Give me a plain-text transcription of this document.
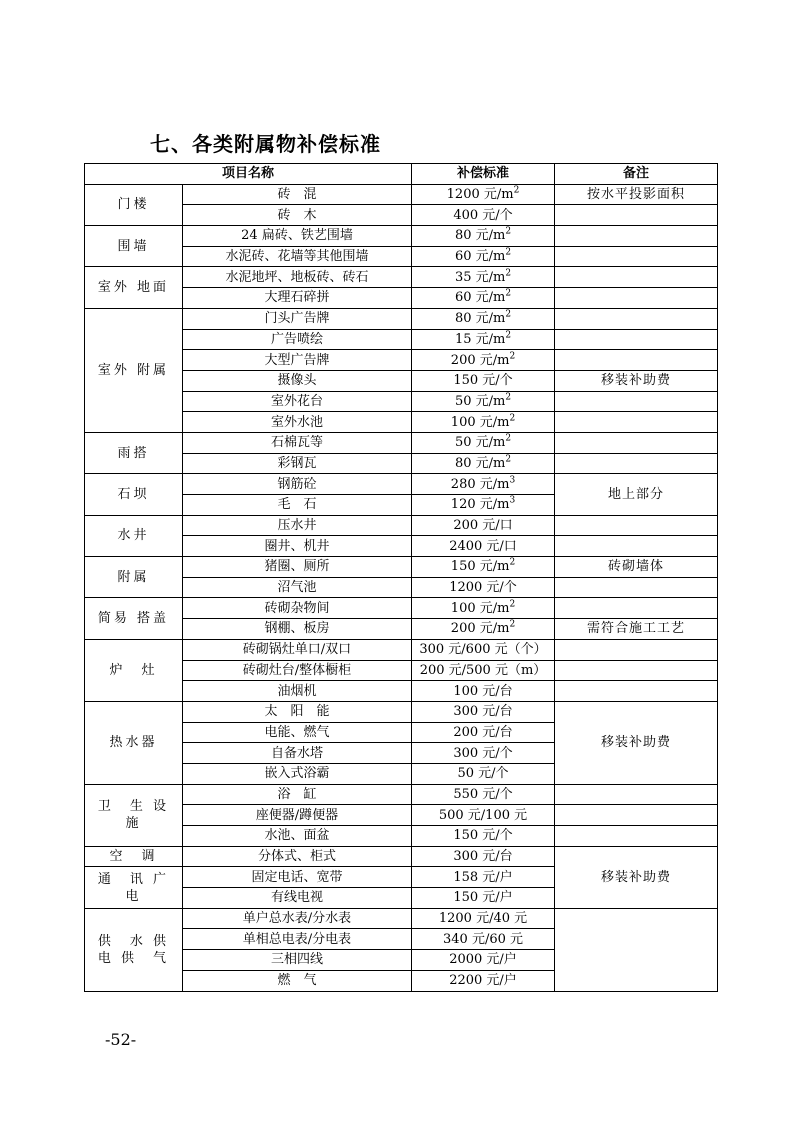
七、各类附属物补偿标准
项目名称		补偿标准	备注
门楼	砖　混	1200 元$/m^2$	按水平投影面积
	砖　木	400 元/个	
围墙	24 扁砖、铁艺围墙	80 元$/m^2$	
	水泥砖、花墙等其他围墙	60 元$/m^2$	
室外 地面	水泥地坪、地板砖、砖石	35 元$/m^2$	
	大理石碎拼	60 元$/m^2$	
室外 附属	门头广告牌	80 元$/m^2$	
	广告喷绘	15 元$/m^2$	
	大型广告牌	200 元$/m^2$	
	摄像头	150 元/个	移装补助费
	室外花台	50 元$/m^2$	
	室外水池	100 元$/m^2$	
雨搭	石棉瓦等	50 元$/m^2$	
	彩钢瓦	80 元$/m^2$	
石坝	钢筋砼	280 元$/m^3$	地上部分
	毛　石	120 元$/m^3$
水井	压水井	200 元/口	
	圈井、机井	2400 元/口	
附属	猪圈、厕所	150 元$/m^2$	砖砌墙体
	沼气池	1200 元/个	
简易 搭盖	砖砌杂物间	100 元$/m^2$	
	钢棚、板房	200 元$/m^2$	需符合施工工艺
炉　灶	砖砌锅灶单口/双口	300 元/600 元（个）	
	砖砌灶台/整体橱柜	200 元/500 元（m）	
	油烟机	100 元/台	
热水器	太　阳　能	300 元/台	移装补助费
	电能、燃气	200 元/台	
	自备水塔	300 元/个	
	嵌入式浴霸	50 元/个	
卫　生 设　施	浴　缸	550 元/个	
	座便器/蹲便器	500 元/100 元	
	水池、面盆	150 元/个	
空　调	分体式、柜式	300 元/台	移装补助费
通　讯 广　电	固定电话、宽带	158 元/户	
	有线电视	150 元/户	
供　水 供　电 供　气	单户总水表/分水表	1200 元/40 元	
	单相总电表/分电表	340 元/60 元	
	三相四线	2000 元/户	
	燃　气	2200 元/户	
-52-
